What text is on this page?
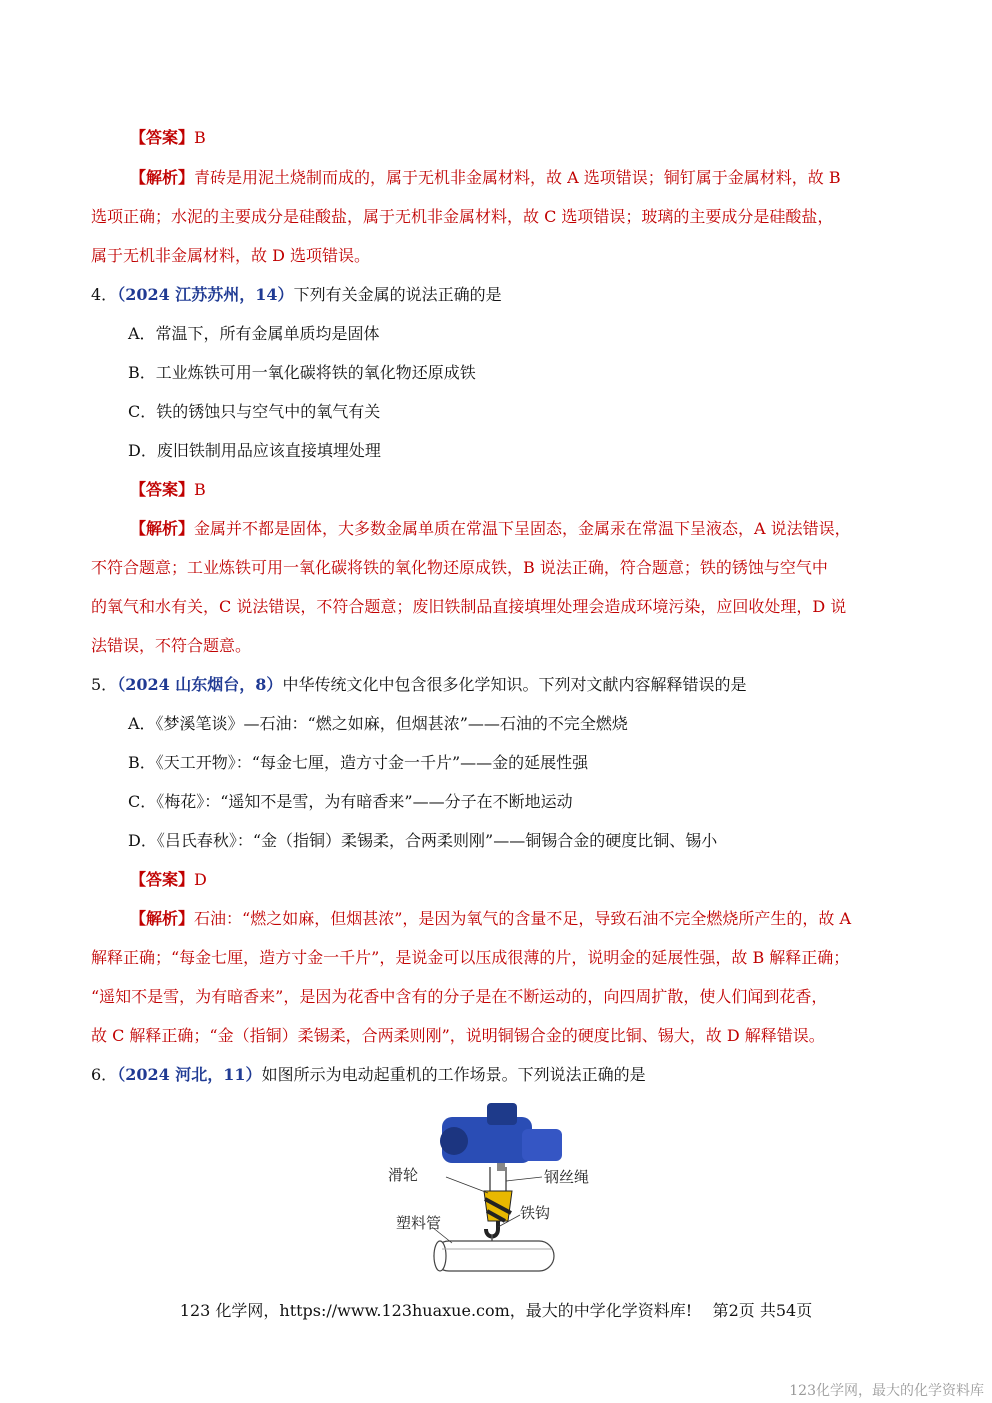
【答案】B
【解析】青砖是用泥土烧制而成的，属于无机非金属材料，故 A 选项错误；铜钉属于金属材料，故 B
选项正确；水泥的主要成分是硅酸盐，属于无机非金属材料，故 C 选项错误；玻璃的主要成分是硅酸盐，
属于无机非金属材料，故 D 选项错误。
4．（2024 江苏苏州，14）下列有关金属的说法正确的是
A．常温下，所有金属单质均是固体
B．工业炼铁可用一氧化碳将铁的氧化物还原成铁
C．铁的锈蚀只与空气中的氧气有关
D．废旧铁制用品应该直接填埋处理
【答案】B
【解析】金属并不都是固体，大多数金属单质在常温下呈固态，金属汞在常温下呈液态，A 说法错误，
不符合题意；工业炼铁可用一氧化碳将铁的氧化物还原成铁，B 说法正确，符合题意；铁的锈蚀与空气中
的氧气和水有关，C 说法错误，不符合题意；废旧铁制品直接填埋处理会造成环境污染，应回收处理，D 说
法错误，不符合题意。
5．（2024 山东烟台，8）中华传统文化中包含很多化学知识。下列对文献内容解释错误的是
A．《梦溪笔谈》—石油：“燃之如麻，但烟甚浓”——石油的不完全燃烧
B．《天工开物》：“每金七厘，造方寸金一千片”——金的延展性强
C．《梅花》：“遥知不是雪，为有暗香来”——分子在不断地运动
D．《吕氏春秋》：“金（指铜）柔锡柔，合两柔则刚”——铜锡合金的硬度比铜、锡小
【答案】D
【解析】石油：“燃之如麻，但烟甚浓”，是因为氧气的含量不足，导致石油不完全燃烧所产生的，故 A
解释正确；“每金七厘，造方寸金一千片”，是说金可以压成很薄的片，说明金的延展性强，故 B 解释正确；
“遥知不是雪，为有暗香来”，是因为花香中含有的分子是在不断运动的，向四周扩散，使人们闻到花香，
故 C 解释正确；“金（指铜）柔锡柔，合两柔则刚”，说明铜锡合金的硬度比铜、锡大，故 D 解释错误。
6．（2024 河北，11）如图所示为电动起重机的工作场景。下列说法正确的是
滑轮	钢丝绳
铁钩
塑料管
123 化学网，https://www.123huaxue.com，最大的中学化学资料库! 第2页 共54页
123化学网，最大的化学资料库
